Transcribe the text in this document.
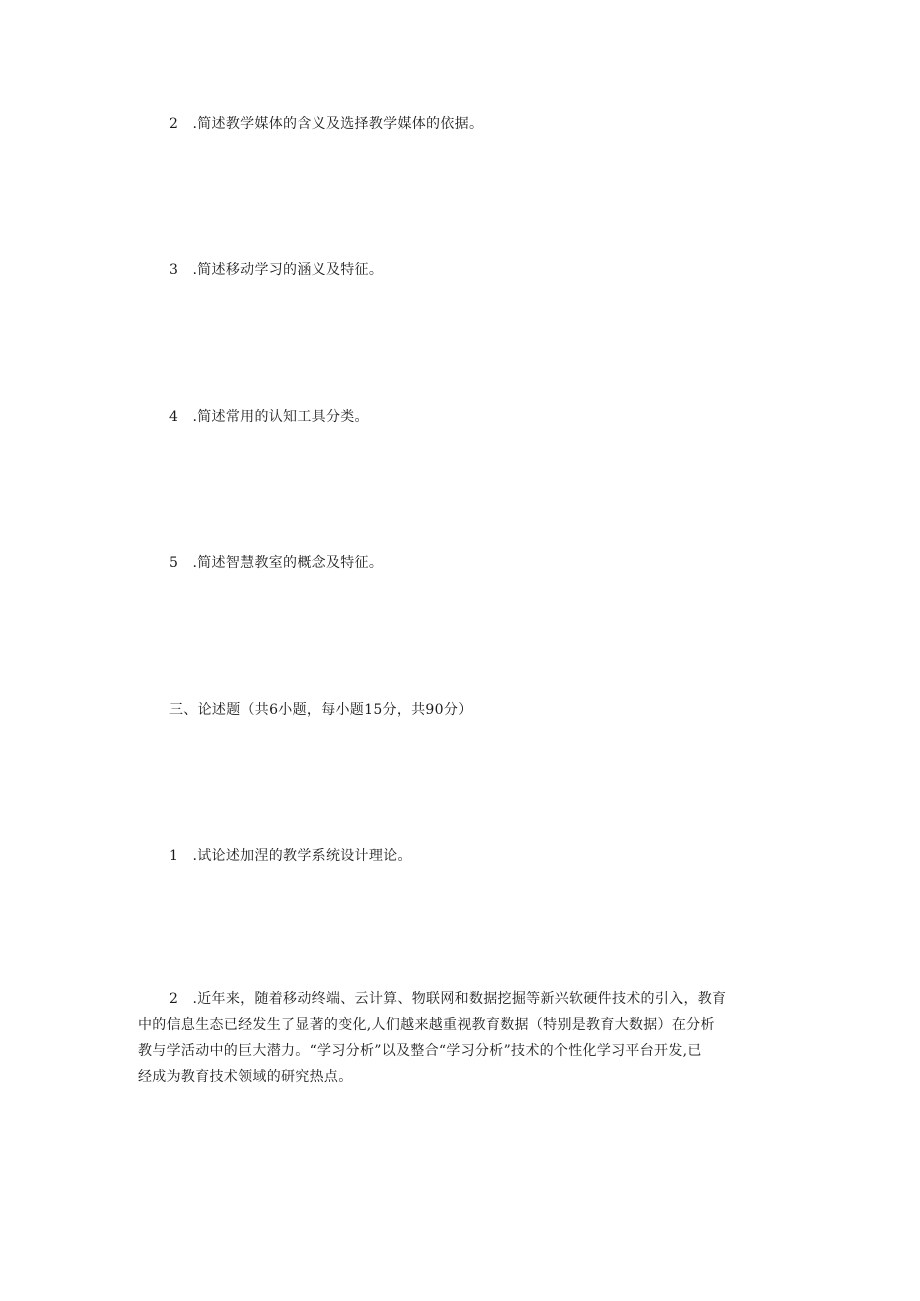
2　.简述教学媒体的含义及选择教学媒体的依据。
3　.简述移动学习的涵义及特征。
4　.简述常用的认知工具分类。
5　.简述智慧教室的概念及特征。
三、论述题（共6小题，每小题15分，共90分）
1　.试论述加涅的教学系统设计理论。
2　.近年来，随着移动终端、云计算、物联网和数据挖掘等新兴软硬件技术的引入，教育
中的信息生态已经发生了显著的变化,人们越来越重视教育数据（特别是教育大数据）在分析
教与学活动中的巨大潜力。“学习分析”以及整合“学习分析”技术的个性化学习平台开发,已
经成为教育技术领域的研究热点。
